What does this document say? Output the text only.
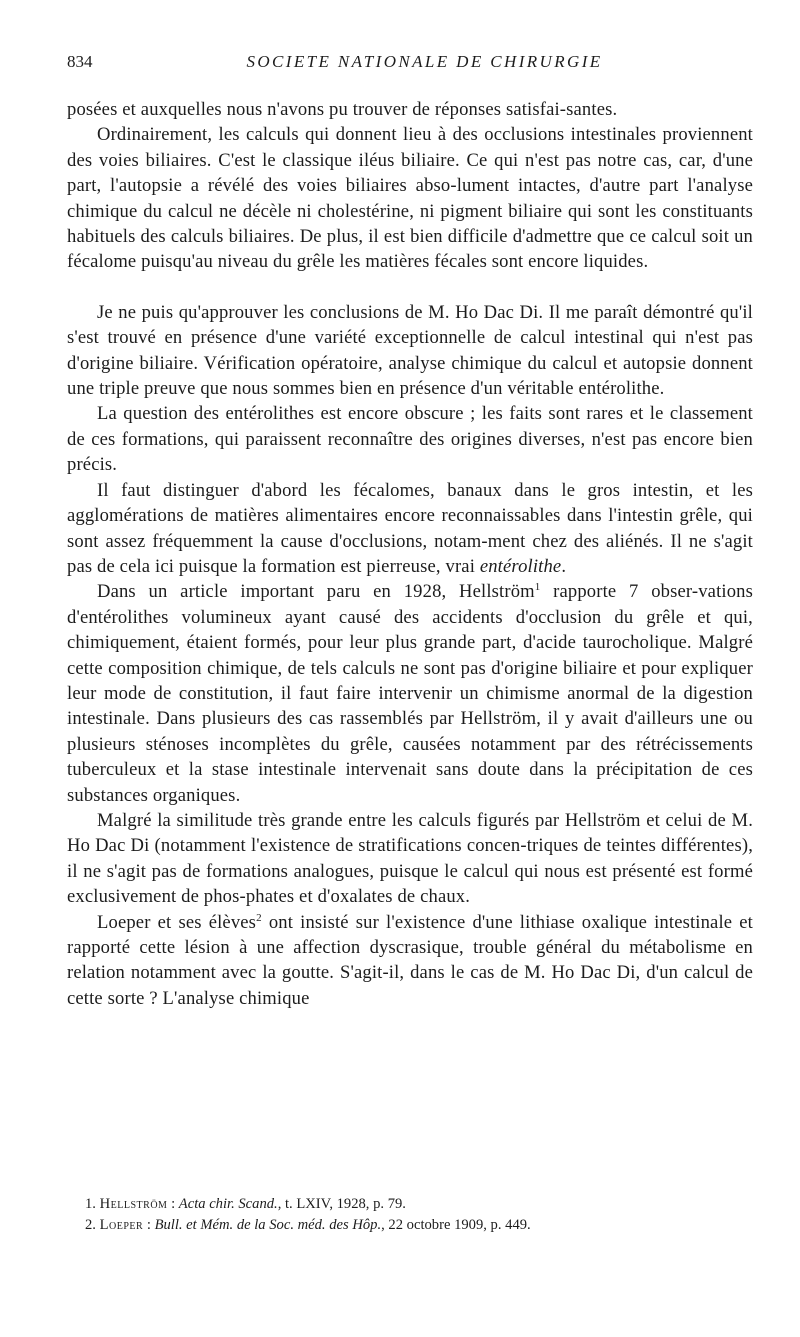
834	SOCIETE NATIONALE DE CHIRURGIE

posées et auxquelles nous n'avons pu trouver de réponses satisfai-santes.

Ordinairement, les calculs qui donnent lieu à des occlusions intestinales proviennent des voies biliaires. C'est le classique iléus biliaire. Ce qui n'est pas notre cas, car, d'une part, l'autopsie a révélé des voies biliaires abso-lument intactes, d'autre part l'analyse chimique du calcul ne décèle ni cholestérine, ni pigment biliaire qui sont les constituants habituels des calculs biliaires. De plus, il est bien difficile d'admettre que ce calcul soit un fécalome puisqu'au niveau du grêle les matières fécales sont encore liquides.

Je ne puis qu'approuver les conclusions de M. Ho Dac Di. Il me paraît démontré qu'il s'est trouvé en présence d'une variété exceptionnelle de calcul intestinal qui n'est pas d'origine biliaire. Vérification opératoire, analyse chimique du calcul et autopsie donnent une triple preuve que nous sommes bien en présence d'un véritable entérolithe.

La question des entérolithes est encore obscure ; les faits sont rares et le classement de ces formations, qui paraissent reconnaître des origines diverses, n'est pas encore bien précis.

Il faut distinguer d'abord les fécalomes, banaux dans le gros intestin, et les agglomérations de matières alimentaires encore reconnaissables dans l'intestin grêle, qui sont assez fréquemment la cause d'occlusions, notam-ment chez des aliénés. Il ne s'agit pas de cela ici puisque la formation est pierreuse, vrai entérolithe.

Dans un article important paru en 1928, Hellström$^1$ rapporte 7 obser-vations d'entérolithes volumineux ayant causé des accidents d'occlusion du grêle et qui, chimiquement, étaient formés, pour leur plus grande part, d'acide taurocholique. Malgré cette composition chimique, de tels calculs ne sont pas d'origine biliaire et pour expliquer leur mode de constitution, il faut faire intervenir un chimisme anormal de la digestion intestinale. Dans plusieurs des cas rassemblés par Hellström, il y avait d'ailleurs une ou plusieurs sténoses incomplètes du grêle, causées notamment par des rétrécissements tuberculeux et la stase intestinale intervenait sans doute dans la précipitation de ces substances organiques.

Malgré la similitude très grande entre les calculs figurés par Hellström et celui de M. Ho Dac Di (notamment l'existence de stratifications concen-triques de teintes différentes), il ne s'agit pas de formations analogues, puisque le calcul qui nous est présenté est formé exclusivement de phos-phates et d'oxalates de chaux.

Loeper et ses élèves$^2$ ont insisté sur l'existence d'une lithiase oxalique intestinale et rapporté cette lésion à une affection dyscrasique, trouble général du métabolisme en relation notamment avec la goutte. S'agit-il, dans le cas de M. Ho Dac Di, d'un calcul de cette sorte ? L'analyse chimique

1. Hellström : Acta chir. Scand., t. LXIV, 1928, p. 79.
2. Loeper : Bull. et Mém. de la Soc. méd. des Hôp., 22 octobre 1909, p. 449.
